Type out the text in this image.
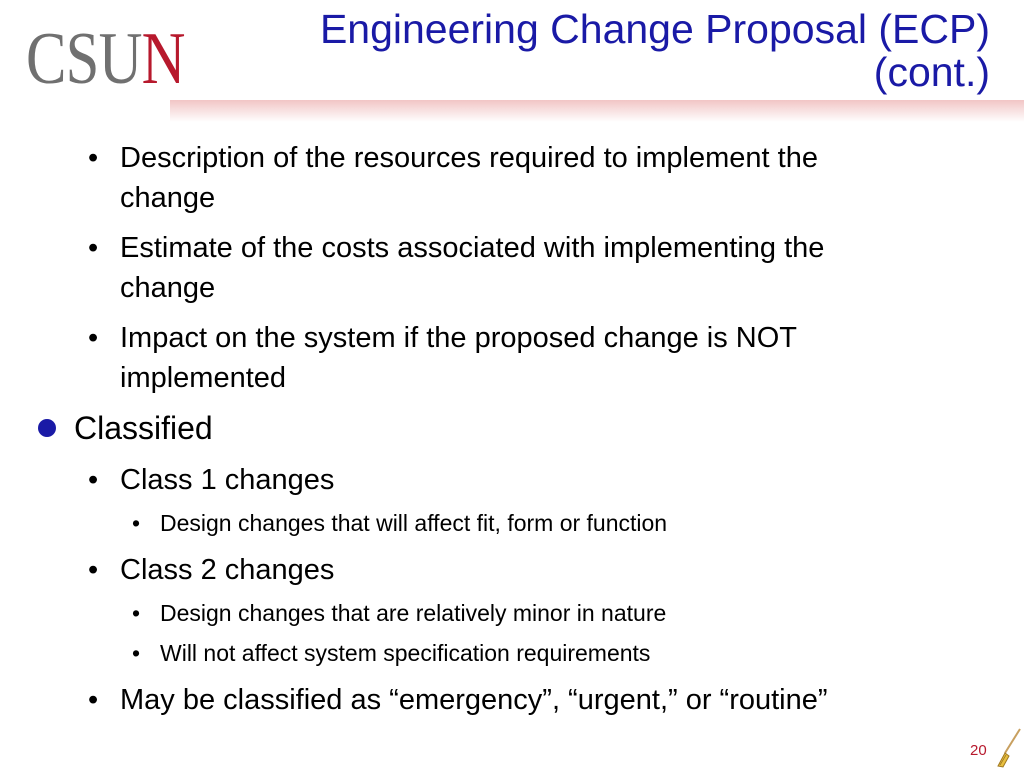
CSUN	Engineering Change Proposal (ECP)
(cont.)
• Description of the resources required to implement the
change
• Estimate of the costs associated with implementing the
change
• Impact on the system if the proposed change is NOT
implemented
Classified
• Class 1 changes
• Design changes that will affect fit, form or function
• Class 2 changes
• Design changes that are relatively minor in nature
• Will not affect system specification requirements
• May be classified as “emergency”, “urgent,” or “routine”
20
